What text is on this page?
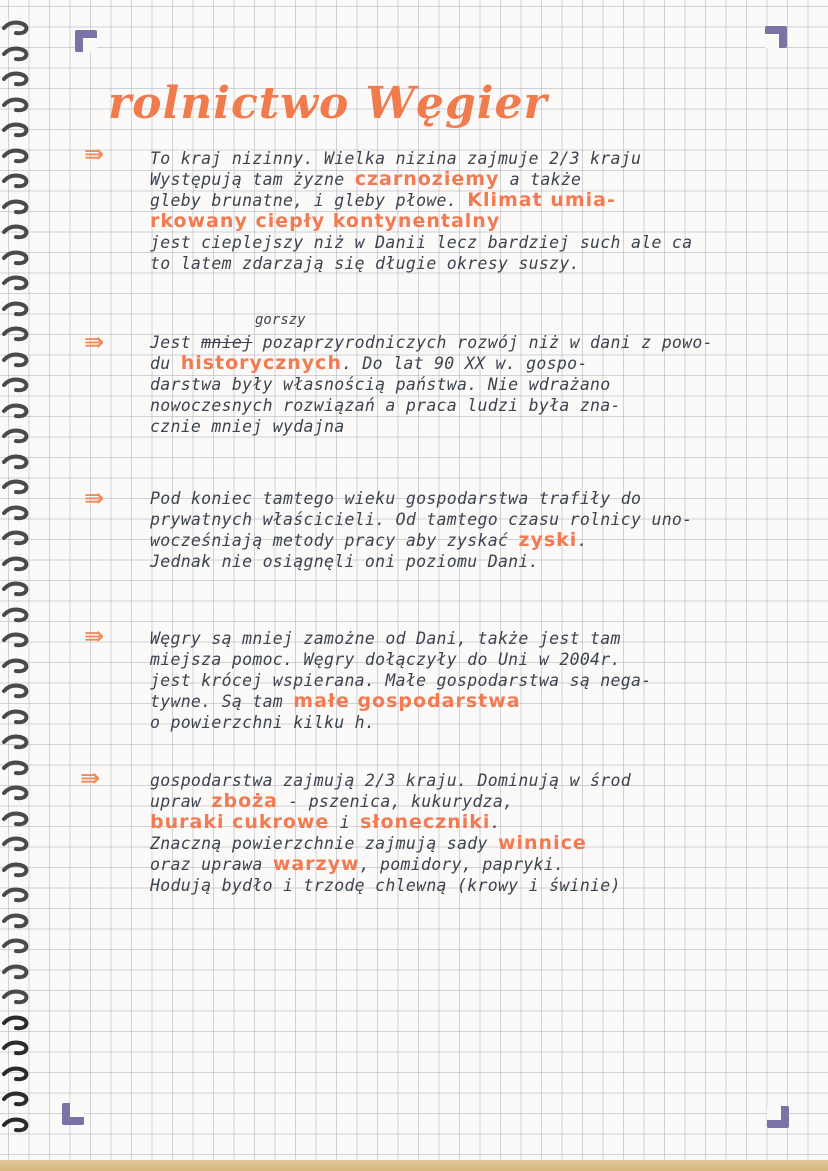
rolnictwo Węgier
⇛	To kraj nizinny. Wielka nizina zajmuje 2/3 kraju
Występują tam żyzne czarnoziemy a także
gleby brunatne, i gleby płowe. Klimat umia-
rkowany ciepły kontynentalny
jest cieplejszy niż w Danii lecz bardziej such ale ca
to latem zdarzają się długie okresy suszy.
gorszy
⇛	Jest mniej pozaprzyrodniczych rozwój niż w dani z powo-
du historycznych. Do lat 90 XX w. gospo-
darstwa były własnością państwa. Nie wdrażano
nowoczesnych rozwiązań a praca ludzi była zna-
cznie mniej wydajna
⇛	Pod koniec tamtego wieku gospodarstwa trafiły do
prywatnych właścicieli. Od tamtego czasu rolnicy uno-
wocześniają metody pracy aby zyskać zyski.
Jednak nie osiągnęli oni poziomu Dani.
⇛	Węgry są mniej zamożne od Dani, także jest tam
miejsza pomoc. Węgry dołączyły do Uni w 2004r.
jest krócej wspierana. Małe gospodarstwa są nega-
tywne. Są tam małe gospodarstwa
o powierzchni kilku h.
⇛	gospodarstwa zajmują 2/3 kraju. Dominują w środ
upraw zboża - pszenica, kukurydza,
buraki cukrowe i słoneczniki.
Znaczną powierzchnie zajmują sady winnice
oraz uprawa warzyw, pomidory, papryki.
Hodują bydło i trzodę chlewną (krowy i świnie)
